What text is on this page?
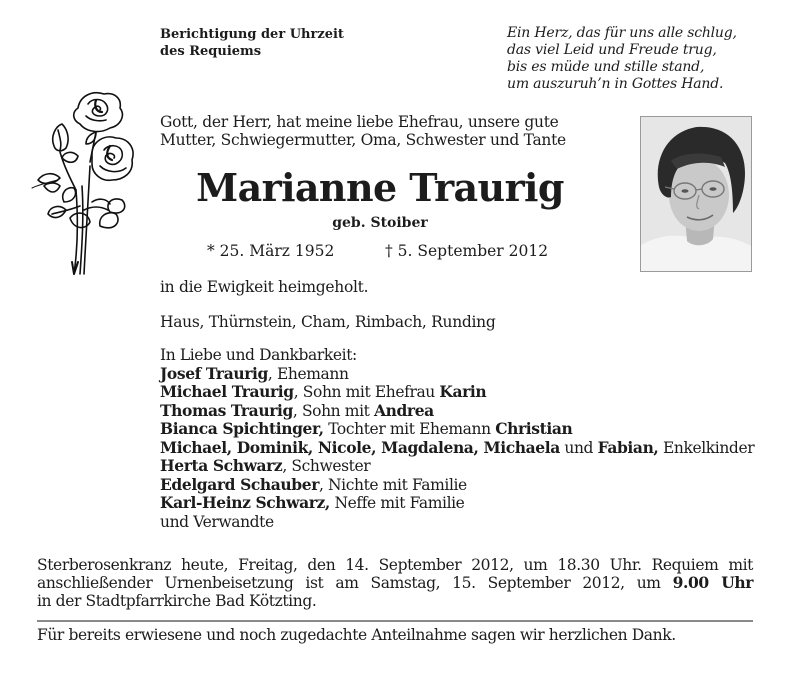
Berichtigung der Uhrzeit
des Requiems
Ein Herz, das für uns alle schlug,
das viel Leid und Freude trug,
bis es müde und stille stand,
um auszuruh’n in Gottes Hand.
Gott, der Herr, hat meine liebe Ehefrau, unsere gute
Mutter, Schwiegermutter, Oma, Schwester und Tante
Marianne Traurig
geb. Stoiber
* 25. März 1952	† 5. September 2012
in die Ewigkeit heimgeholt.
Haus, Thürnstein, Cham, Rimbach, Runding
In Liebe und Dankbarkeit:
Josef Traurig, Ehemann
Michael Traurig, Sohn mit Ehefrau Karin
Thomas Traurig, Sohn mit Andrea
Bianca Spichtinger, Tochter mit Ehemann Christian
Michael, Dominik, Nicole, Magdalena, Michaela und Fabian, Enkelkinder
Herta Schwarz, Schwester
Edelgard Schauber, Nichte mit Familie
Karl-Heinz Schwarz, Neffe mit Familie
und Verwandte
Sterberosenkranz heute, Freitag, den 14. September 2012, um 18.30 Uhr. Requiem mit
anschließender Urnenbeisetzung ist am Samstag, 15. September 2012, um 9.00 Uhr
in der Stadtpfarrkirche Bad Kötzting.
Für bereits erwiesene und noch zugedachte Anteilnahme sagen wir herzlichen Dank.
